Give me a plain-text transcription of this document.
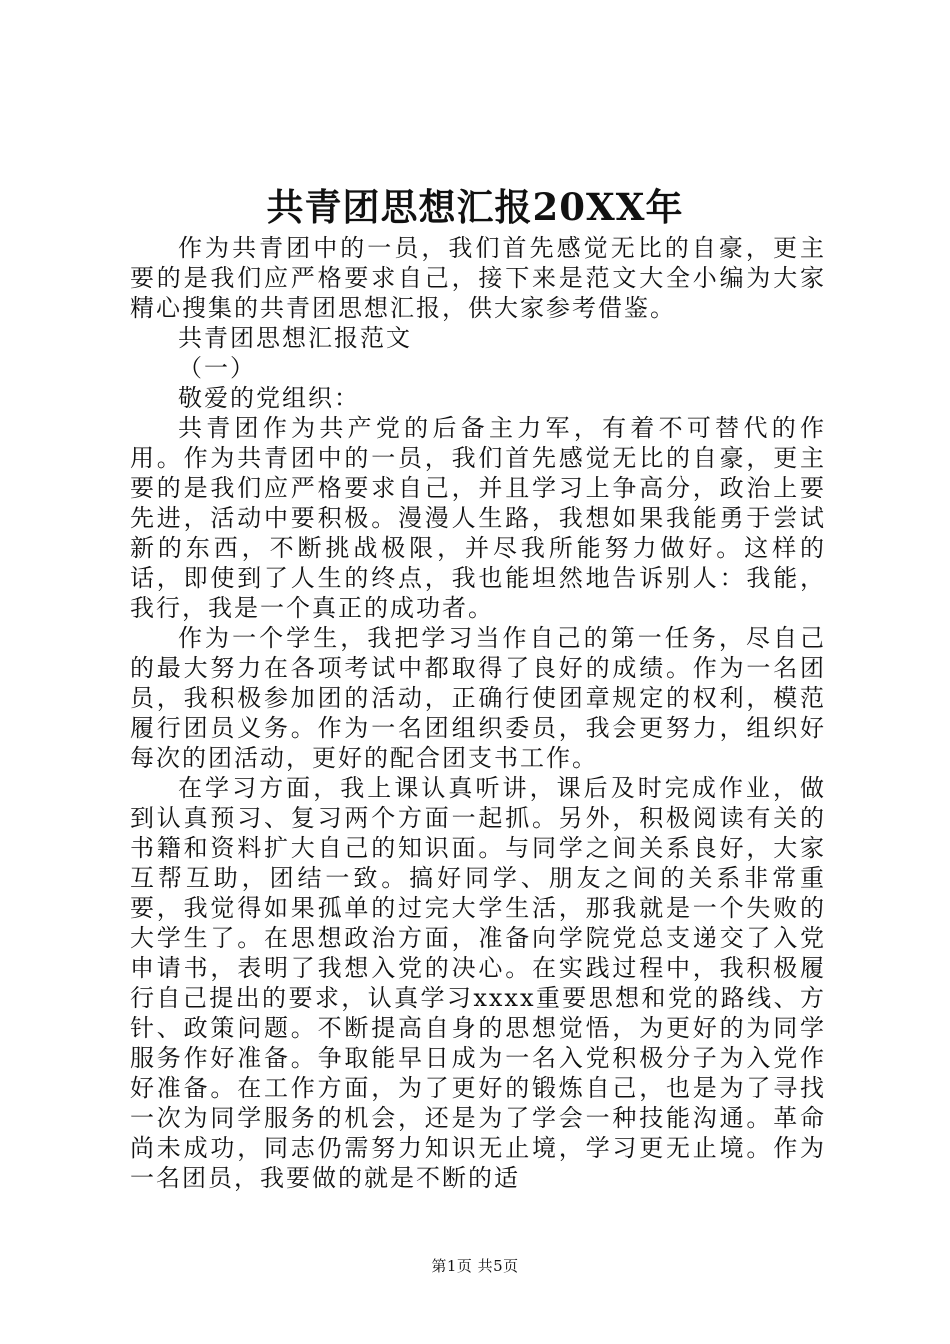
共青团思想汇报20XX年

作为共青团中的一员，我们首先感觉无比的自豪，更主要的是我们应严格要求自己，接下来是范文大全小编为大家精心搜集的共青团思想汇报，供大家参考借鉴。

共青团思想汇报范文

（一）

敬爱的党组织：

共青团作为共产党的后备主力军，有着不可替代的作用。作为共青团中的一员，我们首先感觉无比的自豪，更主要的是我们应严格要求自己，并且学习上争高分，政治上要先进，活动中要积极。漫漫人生路，我想如果我能勇于尝试新的东西，不断挑战极限，并尽我所能努力做好。这样的话，即使到了人生的终点，我也能坦然地告诉别人：我能，我行，我是一个真正的成功者。

作为一个学生，我把学习当作自己的第一任务，尽自己的最大努力在各项考试中都取得了良好的成绩。作为一名团员，我积极参加团的活动，正确行使团章规定的权利，模范履行团员义务。作为一名团组织委员，我会更努力，组织好每次的团活动，更好的配合团支书工作。

在学习方面，我上课认真听讲，课后及时完成作业，做到认真预习、复习两个方面一起抓。另外，积极阅读有关的书籍和资料扩大自己的知识面。与同学之间关系良好，大家互帮互助，团结一致。搞好同学、朋友之间的关系非常重要，我觉得如果孤单的过完大学生活，那我就是一个失败的大学生了。在思想政治方面，准备向学院党总支递交了入党申请书，表明了我想入党的决心。在实践过程中，我积极履行自己提出的要求，认真学习xxxx重要思想和党的路线、方针、政策问题。不断提高自身的思想觉悟，为更好的为同学服务作好准备。争取能早日成为一名入党积极分子为入党作好准备。在工作方面，为了更好的锻炼自己，也是为了寻找一次为同学服务的机会，还是为了学会一种技能沟通。革命尚未成功，同志仍需努力知识无止境，学习更无止境。作为一名团员，我要做的就是不断的适

第1页 共5页
